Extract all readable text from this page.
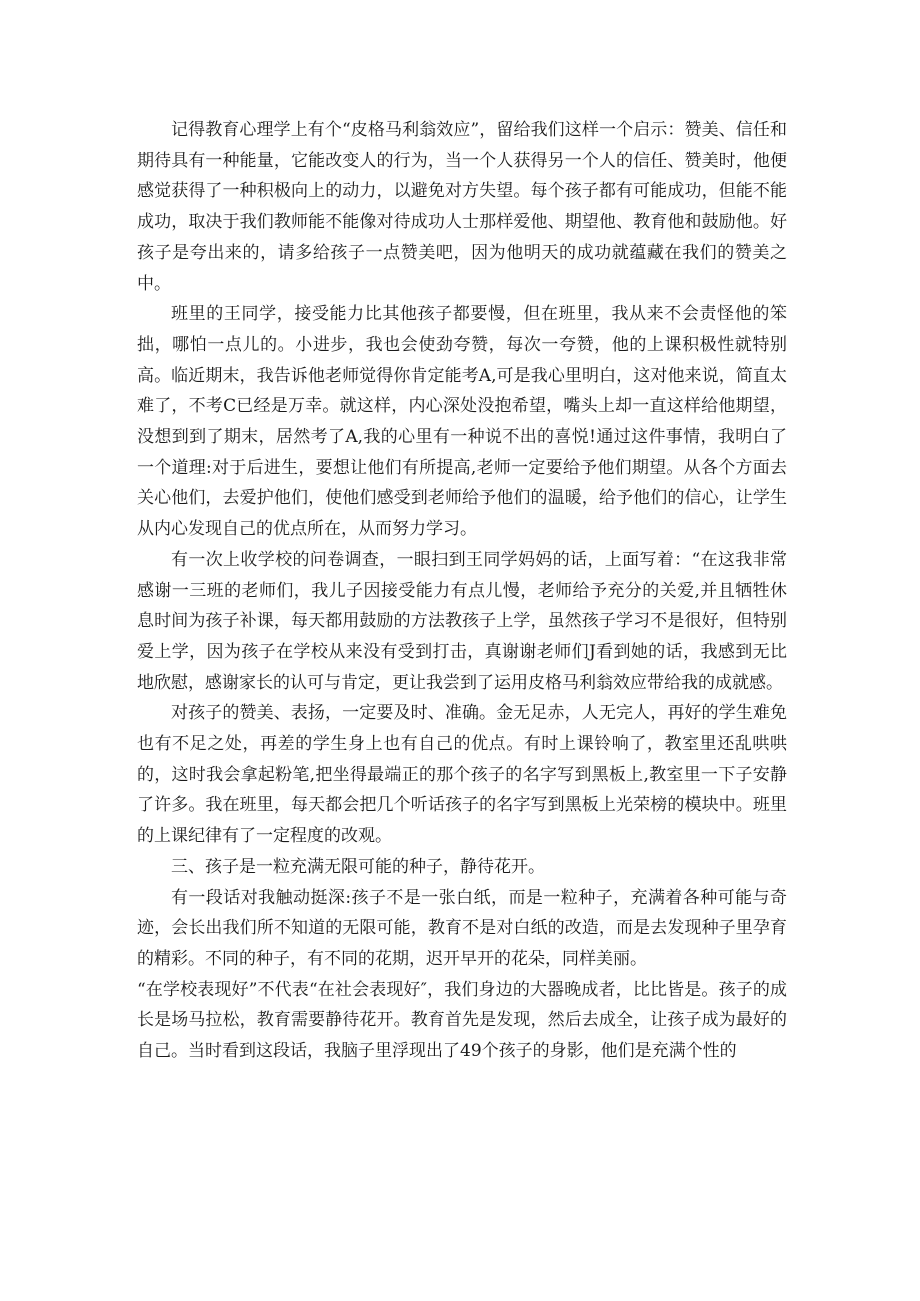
记得教育心理学上有个“皮格马利翁效应”，留给我们这样一个启示：赞美、信任和期待具有一种能量，它能改变人的行为，当一个人获得另一个人的信任、赞美时，他便感觉获得了一种积极向上的动力，以避免对方失望。每个孩子都有可能成功，但能不能成功，取决于我们教师能不能像对待成功人士那样爱他、期望他、教育他和鼓励他。好孩子是夸出来的，请多给孩子一点赞美吧，因为他明天的成功就蕴藏在我们的赞美之中。

班里的王同学，接受能力比其他孩子都要慢，但在班里，我从来不会责怪他的笨拙，哪怕一点儿的。小进步，我也会使劲夸赞，每次一夸赞，他的上课积极性就特别高。临近期末，我告诉他老师觉得你肯定能考A,可是我心里明白，这对他来说，简直太难了，不考C已经是万幸。就这样，内心深处没抱希望，嘴头上却一直这样给他期望，没想到到了期末，居然考了A,我的心里有一种说不出的喜悦!通过这件事情，我明白了一个道理:对于后进生，要想让他们有所提高,老师一定要给予他们期望。从各个方面去关心他们，去爱护他们，使他们感受到老师给予他们的温暖，给予他们的信心，让学生从内心发现自己的优点所在，从而努力学习。

有一次上收学校的问卷调查，一眼扫到王同学妈妈的话，上面写着：“在这我非常感谢一三班的老师们，我儿子因接受能力有点儿慢，老师给予充分的关爱,并且牺牲休息时间为孩子补课，每天都用鼓励的方法教孩子上学，虽然孩子学习不是很好，但特别爱上学，因为孩子在学校从来没有受到打击，真谢谢老师们J看到她的话，我感到无比地欣慰，感谢家长的认可与肯定，更让我尝到了运用皮格马利翁效应带给我的成就感。

对孩子的赞美、表扬，一定要及时、准确。金无足赤，人无完人，再好的学生难免也有不足之处，再差的学生身上也有自己的优点。有时上课铃响了，教室里还乱哄哄的，这时我会拿起粉笔,把坐得最端正的那个孩子的名字写到黑板上,教室里一下子安静了许多。我在班里，每天都会把几个听话孩子的名字写到黑板上光荣榜的模块中。班里的上课纪律有了一定程度的改观。

三、孩子是一粒充满无限可能的种子，静待花开。

有一段话对我触动挺深:孩子不是一张白纸，而是一粒种子，充满着各种可能与奇迹，会长出我们所不知道的无限可能，教育不是对白纸的改造，而是去发现种子里孕育的精彩。不同的种子，有不同的花期，迟开早开的花朵，同样美丽。

“在学校表现好”不代表“在社会表现好″，我们身边的大器晚成者，比比皆是。孩子的成长是场马拉松，教育需要静待花开。教育首先是发现，然后去成全，让孩子成为最好的自己。当时看到这段话，我脑子里浮现出了49个孩子的身影，他们是充满个性的
